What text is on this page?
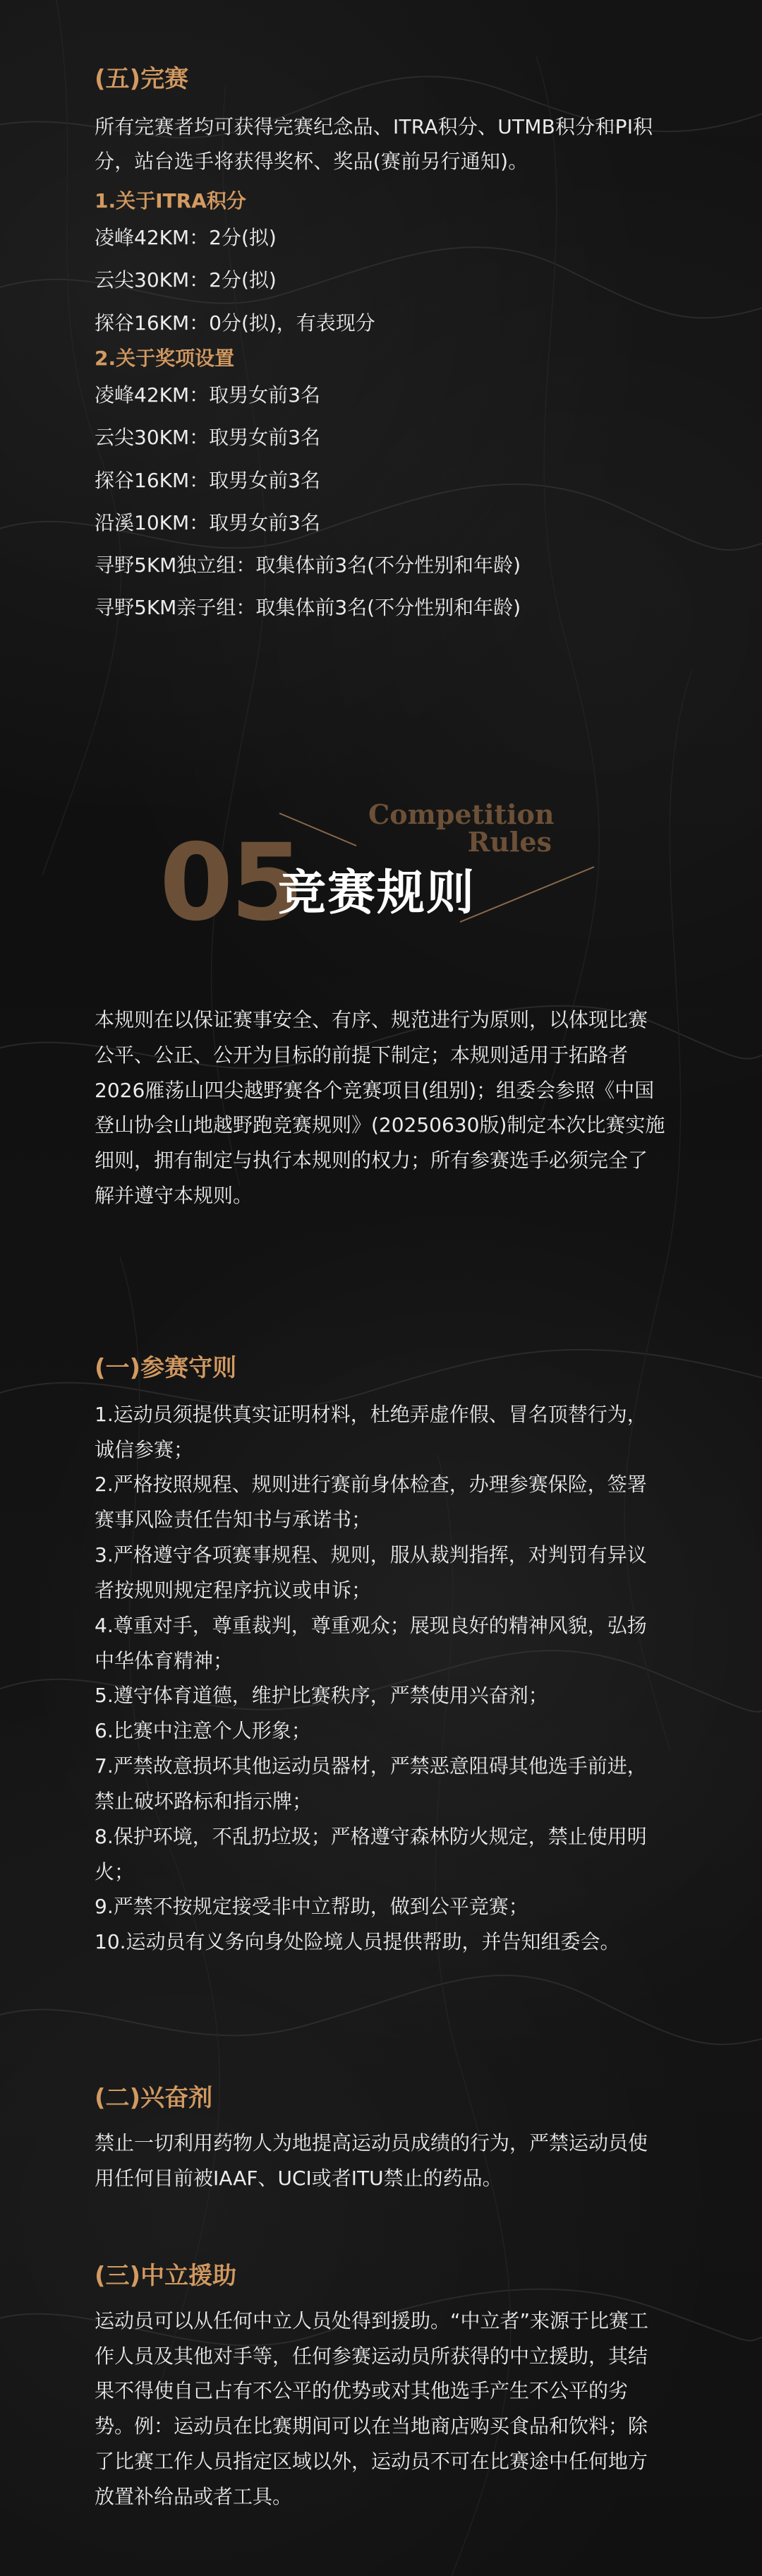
(五)完赛

所有完赛者均可获得完赛纪念品、ITRA积分、UTMB积分和PI积

分，站台选手将获得奖杯、奖品(赛前另行通知)。

1.关于ITRA积分

凌峰42KM：2分(拟)

云尖30KM：2分(拟)

探谷16KM：0分(拟)，有表现分

2.关于奖项设置

凌峰42KM：取男女前3名

云尖30KM：取男女前3名

探谷16KM：取男女前3名

沿溪10KM：取男女前3名

寻野5KM独立组：取集体前3名(不分性别和年龄)

寻野5KM亲子组：取集体前3名(不分性别和年龄)

Competition
Rules
05
竞赛规则

本规则在以保证赛事安全、有序、规范进行为原则，以体现比赛

公平、公正、公开为目标的前提下制定；本规则适用于拓路者

2026雁荡山四尖越野赛各个竞赛项目(组别)；组委会参照《中国

登山协会山地越野跑竞赛规则》(20250630版)制定本次比赛实施

细则，拥有制定与执行本规则的权力；所有参赛选手必须完全了

解并遵守本规则。

(一)参赛守则

1.运动员须提供真实证明材料，杜绝弄虚作假、冒名顶替行为，

诚信参赛；

2.严格按照规程、规则进行赛前身体检查，办理参赛保险，签署

赛事风险责任告知书与承诺书；

3.严格遵守各项赛事规程、规则，服从裁判指挥，对判罚有异议

者按规则规定程序抗议或申诉；

4.尊重对手，尊重裁判，尊重观众；展现良好的精神风貌，弘扬

中华体育精神；

5.遵守体育道德，维护比赛秩序，严禁使用兴奋剂；

6.比赛中注意个人形象；

7.严禁故意损坏其他运动员器材，严禁恶意阻碍其他选手前进，

禁止破坏路标和指示牌；

8.保护环境，不乱扔垃圾；严格遵守森林防火规定，禁止使用明

火；

9.严禁不按规定接受非中立帮助，做到公平竞赛；

10.运动员有义务向身处险境人员提供帮助，并告知组委会。

(二)兴奋剂

禁止一切利用药物人为地提高运动员成绩的行为，严禁运动员使

用任何目前被IAAF、UCI或者ITU禁止的药品。

(三)中立援助

运动员可以从任何中立人员处得到援助。“中立者”来源于比赛工

作人员及其他对手等，任何参赛运动员所获得的中立援助，其结

果不得使自己占有不公平的优势或对其他选手产生不公平的劣

势。例：运动员在比赛期间可以在当地商店购买食品和饮料；除

了比赛工作人员指定区域以外，运动员不可在比赛途中任何地方

放置补给品或者工具。
